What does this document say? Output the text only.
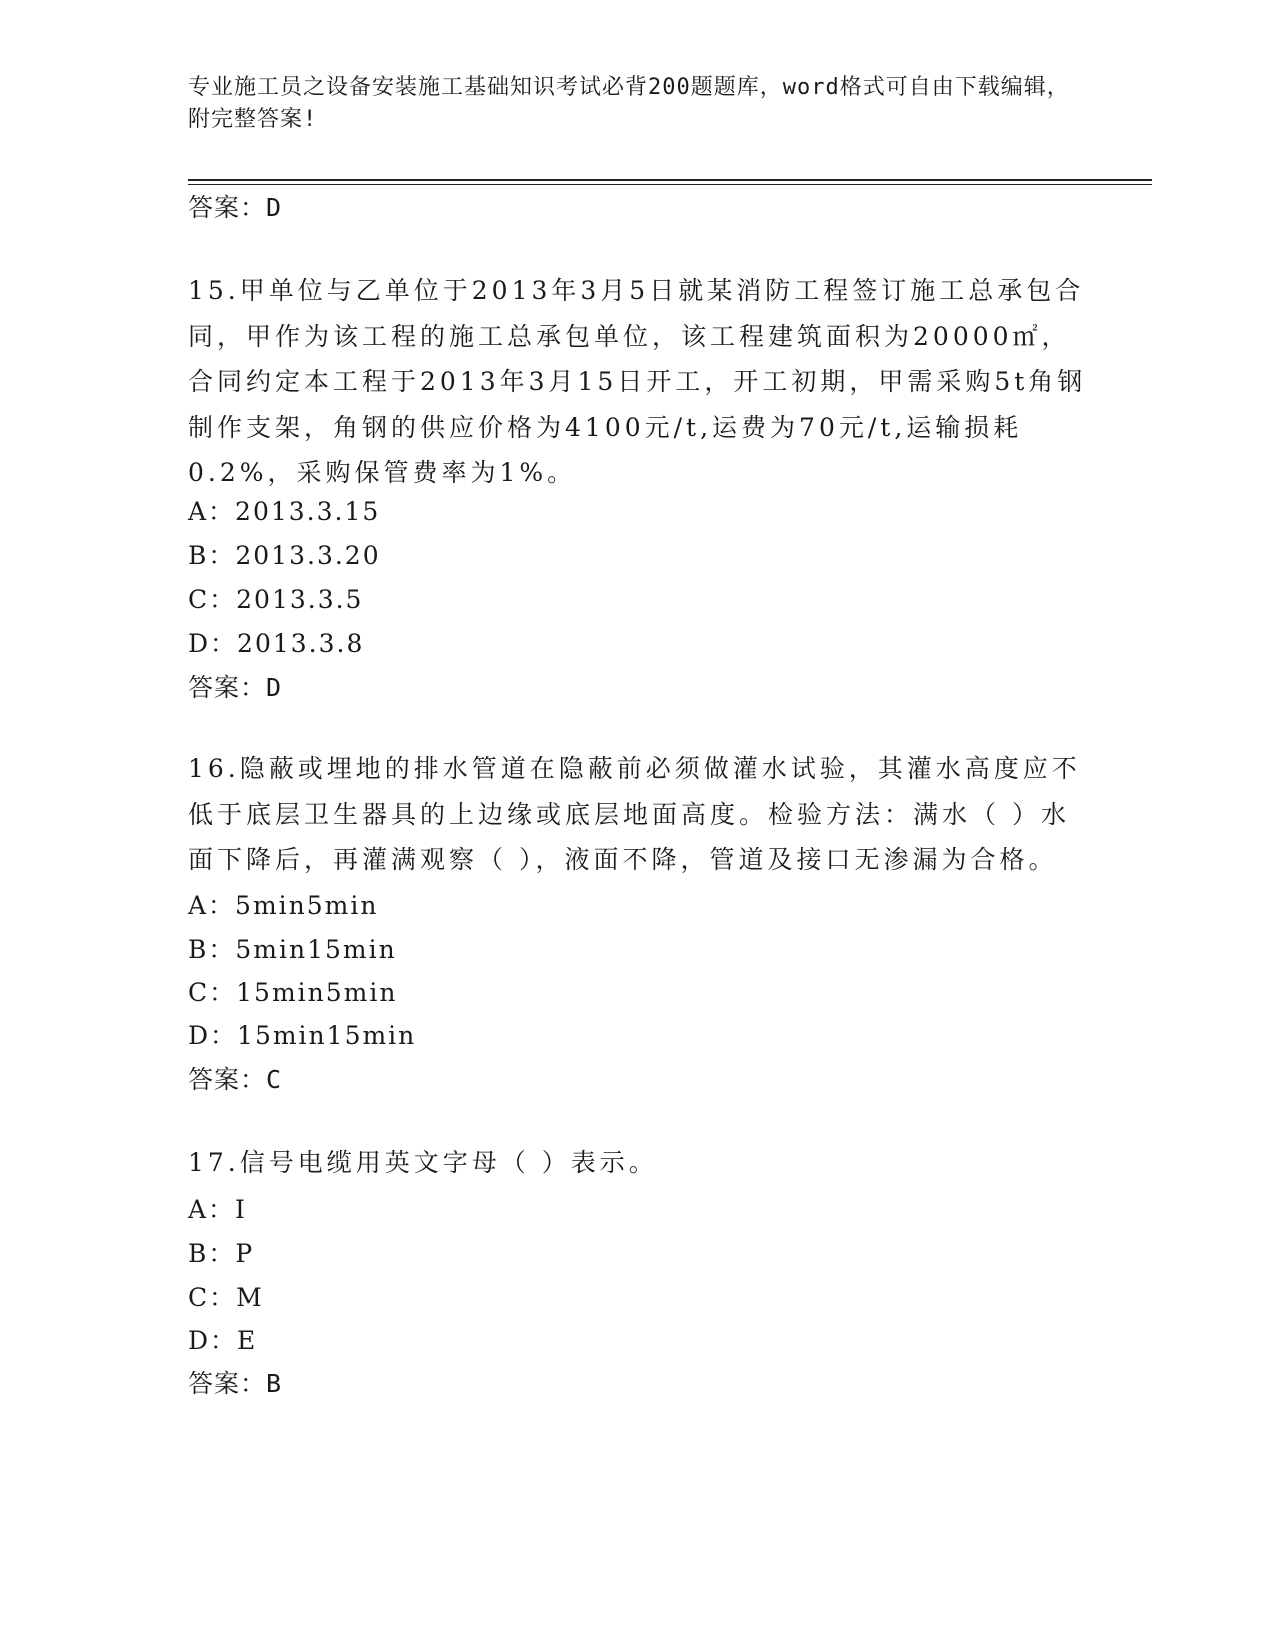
专业施工员之设备安装施工基础知识考试必背200题题库，word格式可自由下载编辑，附完整答案!
答案：D
15.甲单位与乙单位于2013年3月5日就某消防工程签订施工总承包合同，甲作为该工程的施工总承包单位，该工程建筑面积为20000㎡，合同约定本工程于2013年3月15日开工，开工初期，甲需采购5t角钢制作支架，角钢的供应价格为4100元/t,运费为70元/t,运输损耗0.2%，采购保管费率为1%。
A：2013.3.15
B：2013.3.20
C：2013.3.5
D：2013.3.8
答案：D
16.隐蔽或埋地的排水管道在隐蔽前必须做灌水试验，其灌水高度应不低于底层卫生器具的上边缘或底层地面高度。检验方法：满水（ ）水面下降后，再灌满观察（ ），液面不降，管道及接口无渗漏为合格。
A：5min5min
B：5min15min
C：15min5min
D：15min15min
答案：C
17.信号电缆用英文字母（ ）表示。
A：I
B：P
C：M
D：E
答案：B
